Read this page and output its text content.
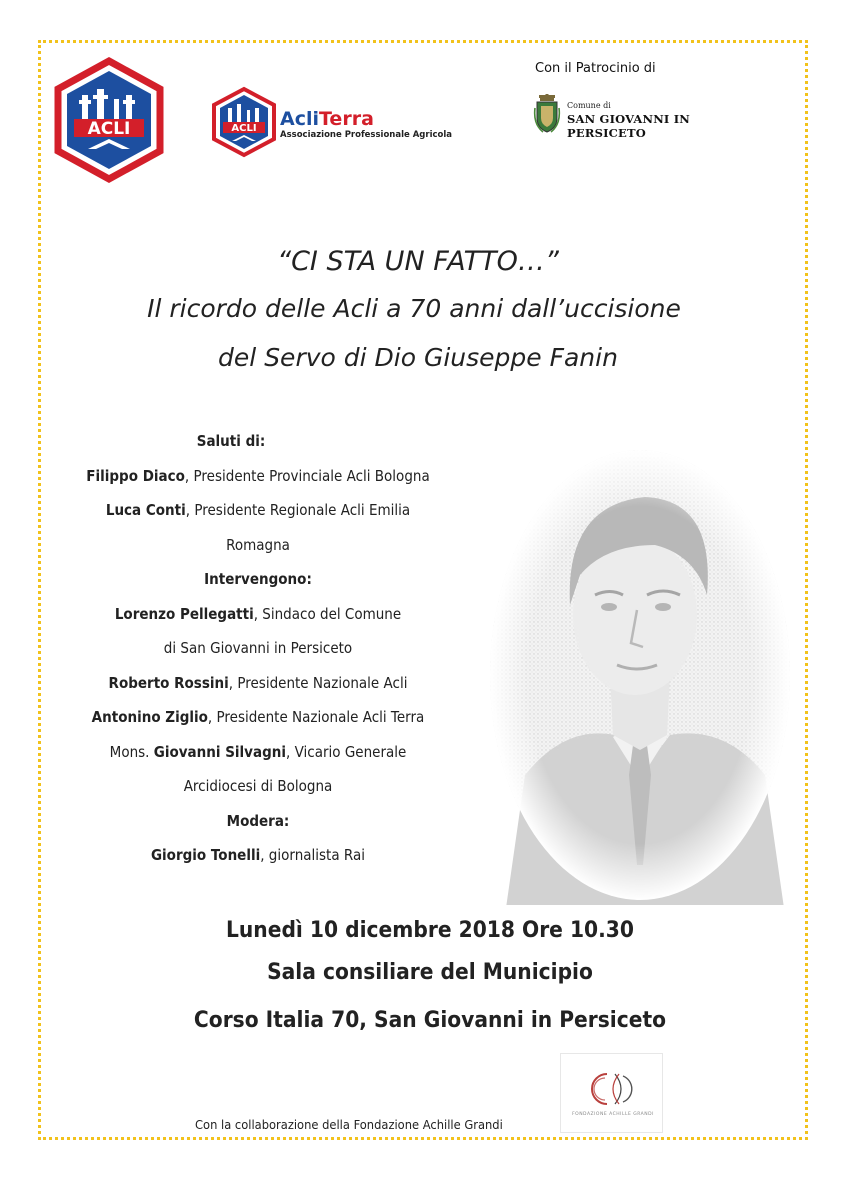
ACLI	ACLI AcliTerra
Associazione Professionale Agricola
Con il Patrocinio di
Comune di
SAN GIOVANNI IN PERSICETO
“CI STA UN FATTO…”
Il ricordo delle Acli a 70 anni dall’uccisione
del Servo di Dio Giuseppe Fanin
Saluti di:
Filippo Diaco, Presidente Provinciale Acli Bologna
Luca Conti, Presidente Regionale Acli Emilia
Romagna
Intervengono:
Lorenzo Pellegatti, Sindaco del Comune
di San Giovanni in Persiceto
Roberto Rossini, Presidente Nazionale Acli
Antonino Ziglio, Presidente Nazionale Acli Terra
Mons. Giovanni Silvagni, Vicario Generale
Arcidiocesi di Bologna
Modera:
Giorgio Tonelli, giornalista Rai
Lunedì 10 dicembre 2018 Ore 10.30
Sala consiliare del Municipio
Corso Italia 70, San Giovanni in Persiceto
Con la collaborazione della Fondazione Achille Grandi
FONDAZIONE ACHILLE GRANDI
